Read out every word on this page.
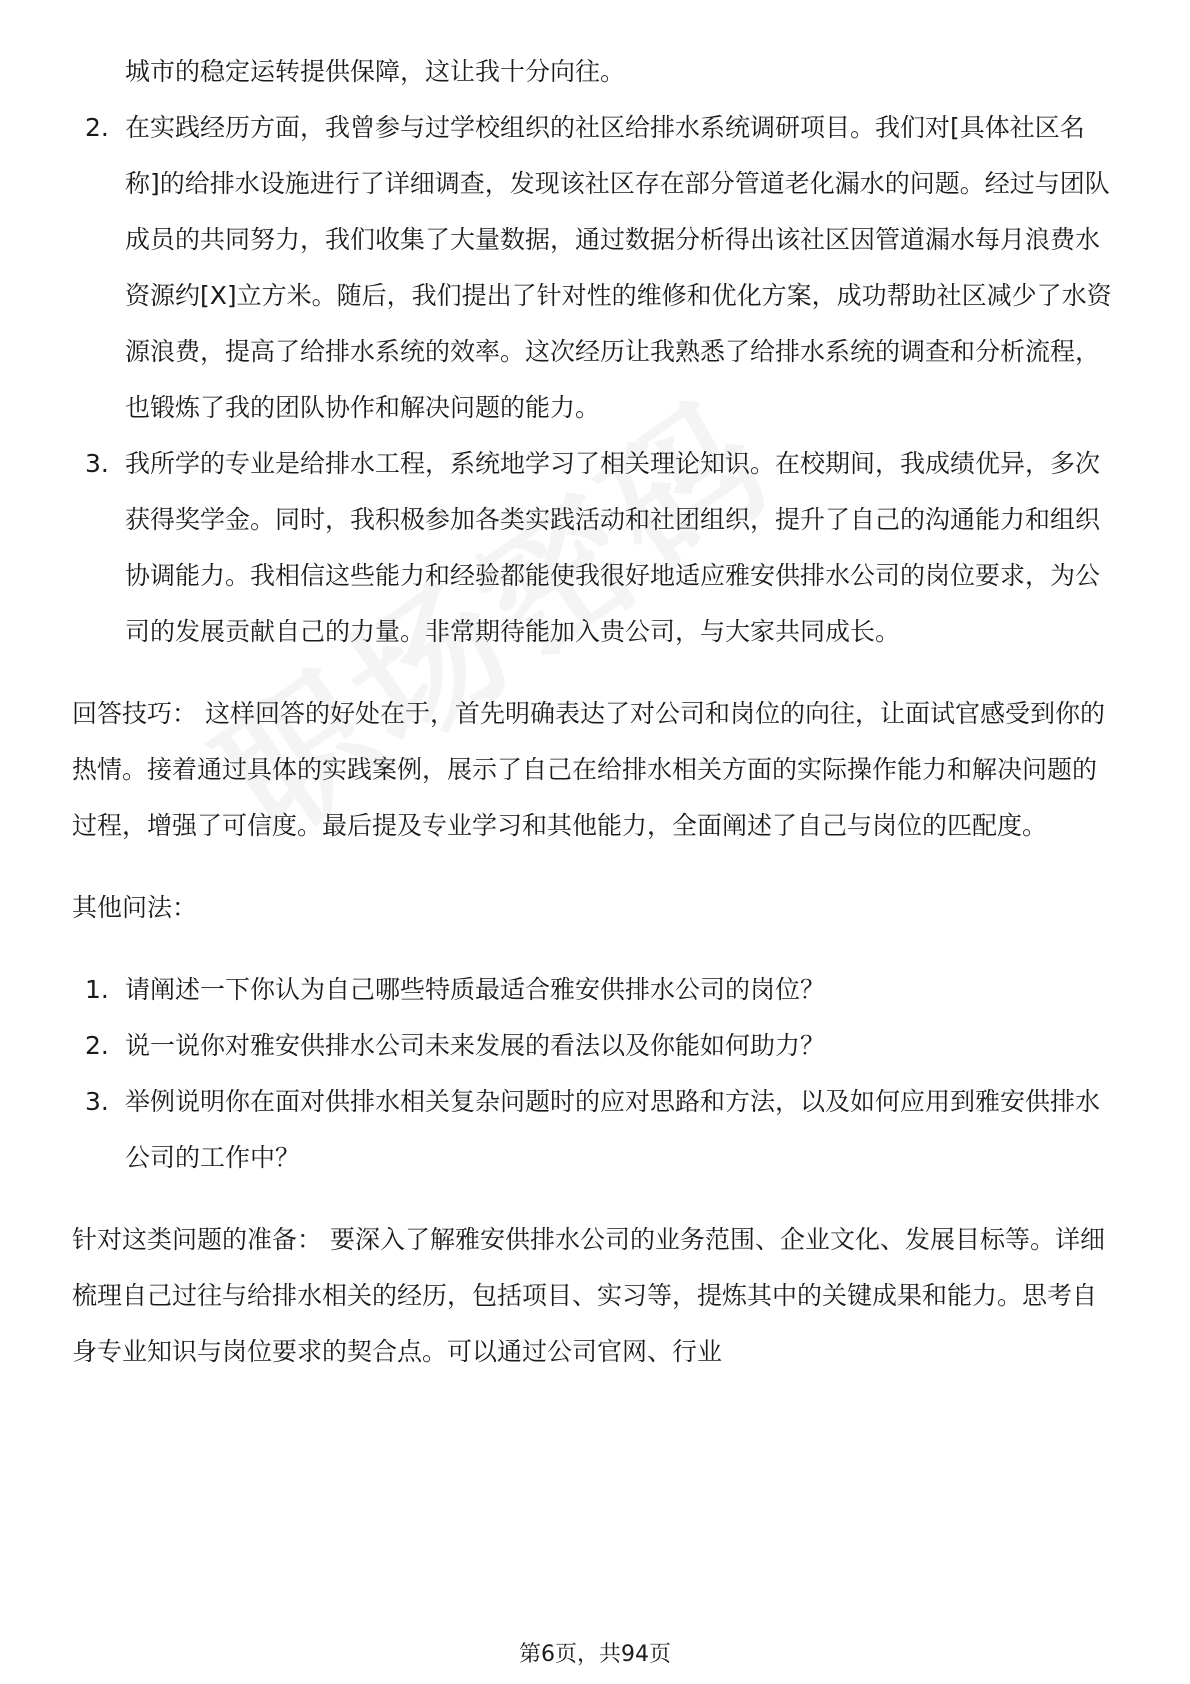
城市的稳定运转提供保障，这让我十分向往。

2. 在实践经历方面，我曾参与过学校组织的社区给排水系统调研项目。我们对[具体社区名称]的给排水设施进行了详细调查，发现该社区存在部分管道老化漏水的问题。经过与团队成员的共同努力，我们收集了大量数据，通过数据分析得出该社区因管道漏水每月浪费水资源约[X]立方米。随后，我们提出了针对性的维修和优化方案，成功帮助社区减少了水资源浪费，提高了给排水系统的效率。这次经历让我熟悉了给排水系统的调查和分析流程，也锻炼了我的团队协作和解决问题的能力。
3. 我所学的专业是给排水工程，系统地学习了相关理论知识。在校期间，我成绩优异，多次获得奖学金。同时，我积极参加各类实践活动和社团组织，提升了自己的沟通能力和组织协调能力。我相信这些能力和经验都能使我很好地适应雅安供排水公司的岗位要求，为公司的发展贡献自己的力量。非常期待能加入贵公司，与大家共同成长。

回答技巧： 这样回答的好处在于，首先明确表达了对公司和岗位的向往，让面试官感受到你的热情。接着通过具体的实践案例，展示了自己在给排水相关方面的实际操作能力和解决问题的过程，增强了可信度。最后提及专业学习和其他能力，全面阐述了自己与岗位的匹配度。

其他问法：

1. 请阐述一下你认为自己哪些特质最适合雅安供排水公司的岗位？
2. 说一说你对雅安供排水公司未来发展的看法以及你能如何助力？
3. 举例说明你在面对供排水相关复杂问题时的应对思路和方法，以及如何应用到雅安供排水公司的工作中？

针对这类问题的准备： 要深入了解雅安供排水公司的业务范围、企业文化、发展目标等。详细梳理自己过往与给排水相关的经历，包括项目、实习等，提炼其中的关键成果和能力。思考自身专业知识与岗位要求的契合点。可以通过公司官网、行业

第6页，共94页
